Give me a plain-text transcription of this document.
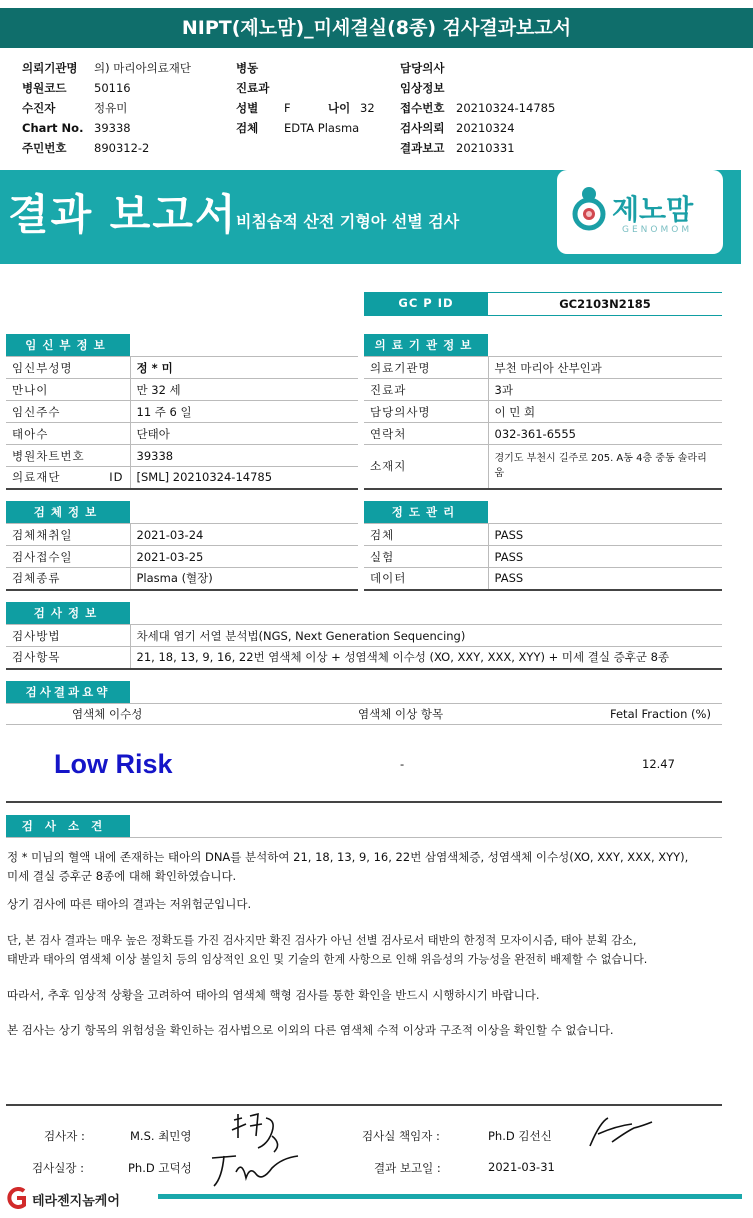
NIPT(제노맘)_미세결실(8종) 검사결과보고서
의뢰기관명 의) 마리아의료재단
병원코드 50116
수진자	정유미
Chart No. 39338
주민번호 890312-2
병동
진료과
성별 F	나이 32
검체 EDTA Plasma
담당의사
임상정보
접수번호 20210324-14785
검사의뢰 20210324
결과보고 20210331
결과 보고서
비침습적 산전 기형아 선별 검사	제노맘
GENOMOM
GC P ID	GC2103N2185
임신부정보
임신부성명	정 * 미
만나이	만 32 세
임신주수	11 주 6 일
태아수	단태아
병원차트번호	39338
의료재단 ID	[SML] 20210324-14785
의료기관정보
의료기관명	부천 마리아 산부인과
진료과	3과
담당의사명	이 민 희
연락처	032-361-6555
소재지	경기도 부천시 길주로 205. A동 4층 중동 솔라리움
검체정보
검체채취일	2021-03-24
검사접수일	2021-03-25
검체종류	Plasma (혈장)
정도관리
검체	PASS
실험	PASS
데이터	PASS
검사정보
검사방법	차세대 염기 서열 분석법(NGS, Next Generation Sequencing)
검사항목	21, 18, 13, 9, 16, 22번 염색체 이상 + 성염색체 이수성 (XO, XXY, XXX, XYY) + 미세 결실 증후군 8종
검사결과요약
염색체 이수성	염색체 이상 항목	Fetal Fraction (%)
Low Risk	-	12.47
검사소견
정 * 미님의 혈액 내에 존재하는 태아의 DNA를 분석하여 21, 18, 13, 9, 16, 22번 삼염색체증, 성염색체 이수성(XO, XXY, XXX, XYY),
미세 결실 증후군 8종에 대해 확인하였습니다.
상기 검사에 따른 태아의 결과는 저위험군입니다.
단, 본 검사 결과는 매우 높은 정확도를 가진 검사지만 확진 검사가 아닌 선별 검사로서 태반의 한정적 모자이시즘, 태아 분획 감소,
태반과 태아의 염색체 이상 불일치 등의 임상적인 요인 및 기술의 한계 사항으로 인해 위음성의 가능성을 완전히 배제할 수 없습니다.
따라서, 추후 임상적 상황을 고려하여 태아의 염색체 핵형 검사를 통한 확인을 반드시 시행하시기 바랍니다.
본 검사는 상기 항목의 위험성을 확인하는 검사법으로 이외의 다른 염색체 수적 이상과 구조적 이상을 확인할 수 없습니다.
검사자 :	M.S. 최민영	검사실 책임자 :	Ph.D 김선신
검사실장 :	Ph.D 고덕성	결과 보고일 :	2021-03-31
테라젠지놈케어
